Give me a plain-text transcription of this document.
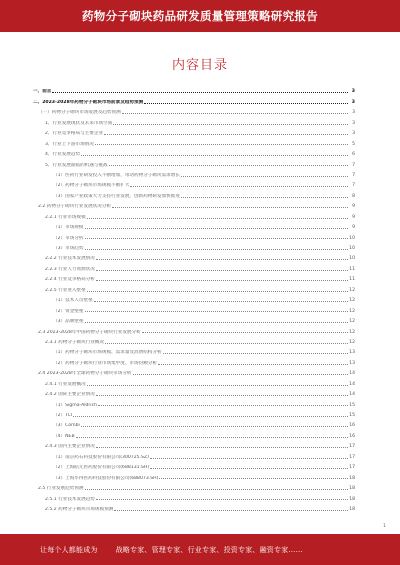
药物分子砌块药品研发质量管理策略研究报告
内容目录
一、前言	3
二、2023-2028年药物分子砌块市场前景及趋势预测	3
（一）药物分子砌块市场发展及趋势预测	3
1、行业发展现状及未来市场空间	3
2、行业竞争格局与主要企业	3
3、行业上下游市场情况	5
4、行业发展趋势	6
5、行业发展面临的机遇与挑战	7
（1）医药行业研发投入不断增加，带动药物分子砌块需求增长	7
（2）药物分子砌块市场规模不断扩大	7
（3）国家产业政策大力支持行业发展，创新药物研发加快推进	8
2.2 药物分子砌块行业发展状况分析	9
2.2.1 行业市场规模	9
（1）市场规模	9
（2）市场分析	10
（3）市场趋势	10
2.2.2 行业技术发展情况	10
2.2.3 行业人力资源状况	11
2.2.4 行业竞争格局分析	11
2.2.5 行业进入壁垒	12
（1）技术人员壁垒	12
（2）资金壁垒	12
（3）品牌壁垒	12
2.3 2023-2028年中国药物分子砌块行业发展分析	12
2.3.1 药物分子砌块行业概况	12
（1）药物分子砌块市场规模、需求量及消费结构分析	13
（2）药物分子砌块行业市场集中度、市场份额分析	13
2.4 2023-2028年全球药物分子砌块市场分析	14
2.4.1 行业发展概况	14
2.4.2 国际主要企业情况	14
（1）Sigma-Aldrich	15
（2）TCI	15
（3）Combi	16
（4）NEB	16
2.4.3 国内主要企业情况	17
（1）南京药石科技股份有限公司(300725.SZ)	17
（2）上海皓元医药股份有限公司(688131.SH)	17
（3）上海毕得医药科技股份有限公司(688073.SH)	18
2.5 行业发展趋势预测	18
2.5.1 行业技术发展趋势	18
2.5.2 药物分子砌块市场规模预测	18
1
让每个人都能成为	战略专家、管理专家、行业专家、投资专家、融资专家……
